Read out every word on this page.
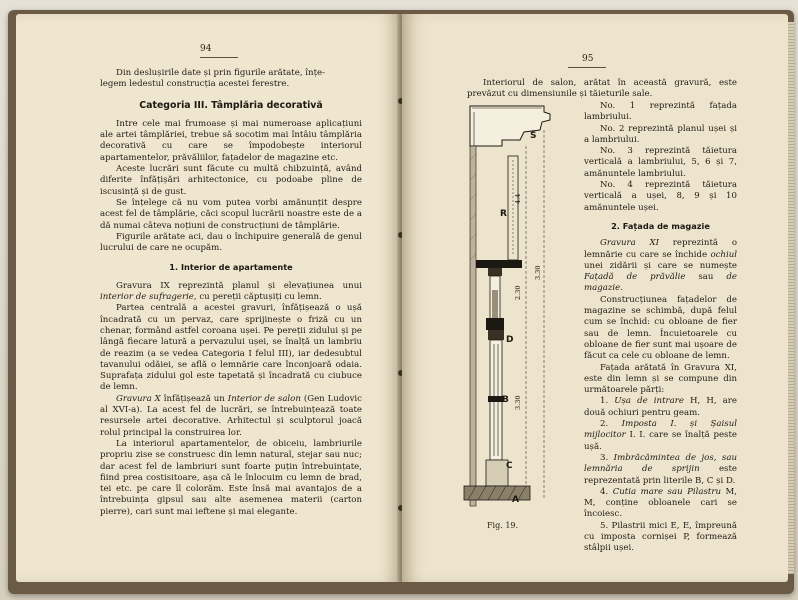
94

Din deslușirile date și prin figurile arătate, înțe-

legem ledestul construcția acestei ferestre.

Categoria III. Tâmplăria decorativă

Intre cele mai frumoase și mai numeroase aplicațiuni ale artei tâmplăriei, trebue să socotim mai întâiu tâmplăria decorativă cu care se împodobește interiorul apartamentelor, prăvăliilor, fațadelor de magazine etc.

Aceste lucrări sunt făcute cu multă chibzuință, având diferite înfățișări arhitectonice, cu podoabe pline de iscusință și de gust.

Se înțelege că nu vom putea vorbi amănunțit despre acest fel de tâmplărie, căci scopul lucrării noastre este de a dă numai câteva noțiuni de construcțiuni de tâmplărie.

Figurile arătate aci, dau o închipuire generală de genul lucrului de care ne ocupăm.

1. Interior de apartamente

Gravura IX reprezintă planul și elevațiunea unui interior de sufragerie, cu pereții căptușiți cu lemn.

Partea centrală a acestei gravuri, înfățișează o ușă încadrată cu un pervaz, care sprijinește o friză cu un chenar, formând astfel coroana ușei. Pe pereții zidului și pe lângă fiecare latură a pervazului ușei, se înalță un lambriu de reazim (a se vedea Categoria I felul III), iar dedesubtul tavanului odăiei, se află o lemnărie care înconjoară odaia. Suprafața zidului gol este tapetată și încadrată cu ciubuce de lemn.

Gravura X înfățișează un Interior de salon (Gen Ludovic al XVI-a). La acest fel de lucrări, se întrebuințează toate resursele artei decorative. Arhitectul și sculptorul joacă rolul principal la construirea lor.

La interiorul apartamentelor, de obiceiu, lambriurile propriu zise se construesc din lemn natural, stejar sau nuc; dar acest fel de lambriuri sunt foarte puțin întrebuințate, fiind prea costisitoare, așa că le înlocuim cu lemn de brad, tei etc. pe care îl colorăm. Este însă mai avantajos de a întrebuința gipsul sau alte asemenea materii (carton pierre), cari sunt mai ieftene și mai elegante.

95

Interiorul de salon, arătat în această gravură, este prevăzut cu dimensiunile și tăieturile sale.

No. 1 reprezintă fațada lambriului.

No. 2 reprezintă planul ușei și a lambriului.

No. 3 reprezintă tăietura verticală a lambriului, 5, 6 și 7, amănuntele lambriului.

No. 4 reprezintă tăietura verticală a ușei, 8, 9 și 10 amănuntele ușei.

2. Fațada de magazie

Gravura XI reprezintă o lemnărie cu care se închide ochiul unei zidării și care se numește Fațadă de prăvălie sau de magazie.

Construcțiunea fațadelor de magazine se schimbă, după felul cum se închid: cu obloane de fier sau de lemn. Încuietoarele cu obloane de fier sunt mai ușoare de făcut ca cele cu obloane de lemn.

Fațada arătată în Gravura XI, este din lemn și se compune din următoarele părți:

1. Ușa de intrare H, H, are două ochiuri pentru geam.

2. Imposta I. și Șaisul mijlocitor I. I. care se înalță peste ușă.

3. Imbrăcămintea de jos, sau lemnăria de sprijin este reprezentată prin literile B, C și D.

4. Cutia mare sau Pilastru M, M, conține obloanele cari se încoiesc.

5. Pilastrii mici E, E, împreună cu imposta cornișei P, formează stâlpii ușei.

S
R
P
D
B
C
A
4.4
2.30
3.30
3.30
Fig. 19.
